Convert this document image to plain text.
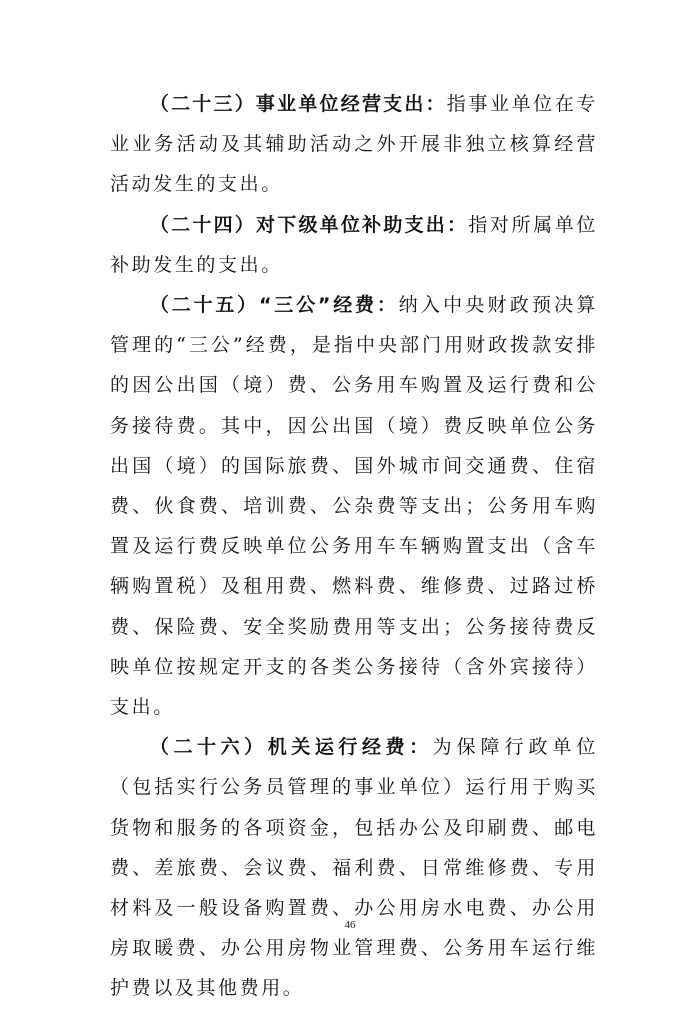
（二十三）事业单位经营支出：指事业单位在专业业务活动及其辅助活动之外开展非独立核算经营活动发生的支出。

（二十四）对下级单位补助支出：指对所属单位补助发生的支出。

（二十五）“三公”经费：纳入中央财政预决算管理的“三公”经费，是指中央部门用财政拨款安排的因公出国（境）费、公务用车购置及运行费和公务接待费。其中，因公出国（境）费反映单位公务出国（境）的国际旅费、国外城市间交通费、住宿费、伙食费、培训费、公杂费等支出；公务用车购置及运行费反映单位公务用车车辆购置支出（含车辆购置税）及租用费、燃料费、维修费、过路过桥费、保险费、安全奖励费用等支出；公务接待费反映单位按规定开支的各类公务接待（含外宾接待）支出。

（二十六）机关运行经费：为保障行政单位（包括实行公务员管理的事业单位）运行用于购买货物和服务的各项资金，包括办公及印刷费、邮电费、差旅费、会议费、福利费、日常维修费、专用材料及一般设备购置费、办公用房水电费、办公用房取暖费、办公用房物业管理费、公务用车运行维护费以及其他费用。

46
